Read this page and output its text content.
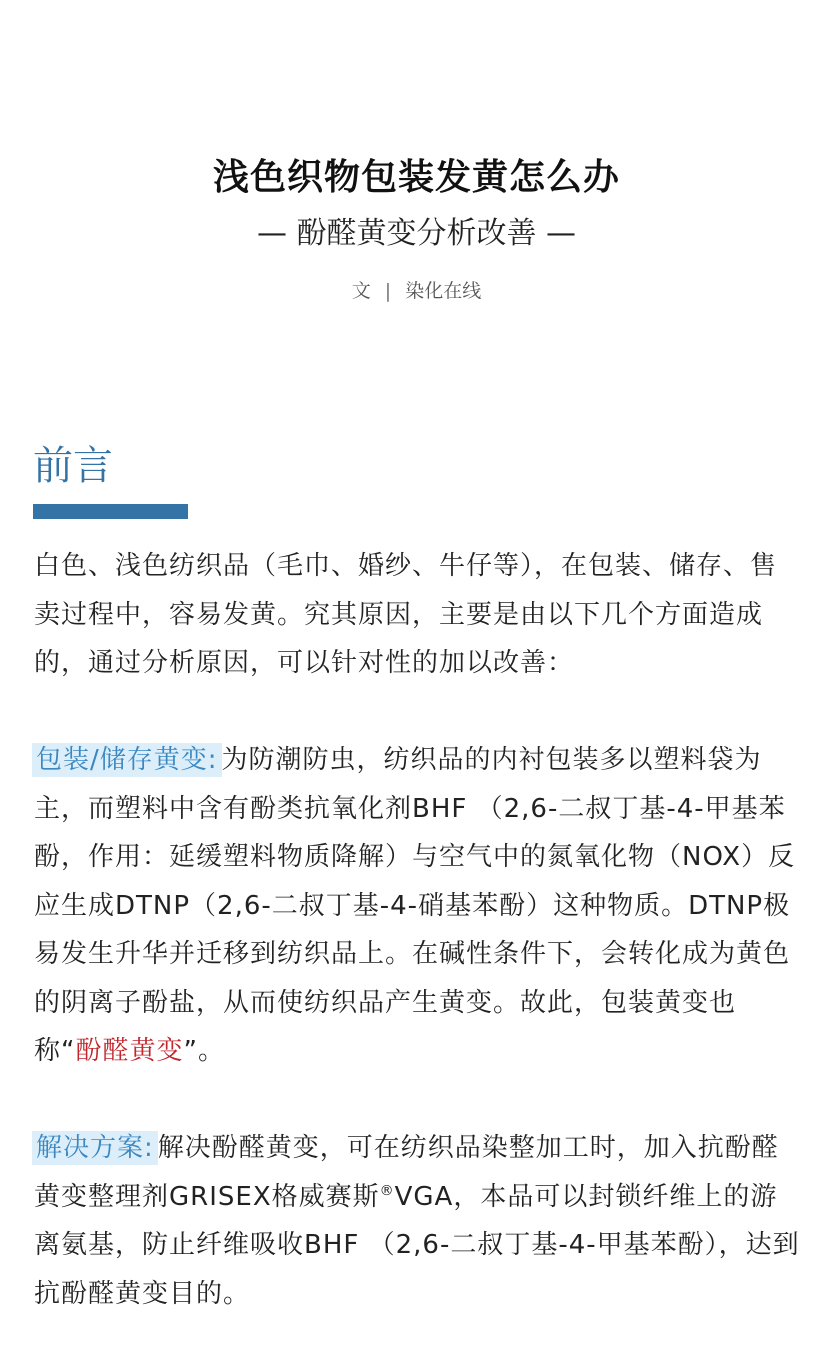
浅色织物包装发黄怎么办
— 酚醛黄变分析改善 —
文 | 染化在线
前言

白色、浅色纺织品（毛巾、婚纱、牛仔等），在包装、储存、售卖过程中，容易发黄。究其原因，主要是由以下几个方面造成的，通过分析原因，可以针对性的加以改善：

包装/储存黄变: 为防潮防虫，纺织品的内衬包装多以塑料袋为主，而塑料中含有酚类抗氧化剂BHF （2,6-二叔丁基-4-甲基苯酚，作用：延缓塑料物质降解）与空气中的氮氧化物（NOX）反应生成DTNP（2,6-二叔丁基-4-硝基苯酚）这种物质。DTNP极易发生升华并迁移到纺织品上。在碱性条件下，会转化成为黄色的阴离子酚盐，从而使纺织品产生黄变。故此，包装黄变也称“酚醛黄变”。

解决方案: 解决酚醛黄变，可在纺织品染整加工时，加入抗酚醛黄变整理剂GRISEX格威赛斯®VGA，本品可以封锁纤维上的游离氨基，防止纤维吸收BHF （2,6-二叔丁基-4-甲基苯酚），达到抗酚醛黄变目的。
